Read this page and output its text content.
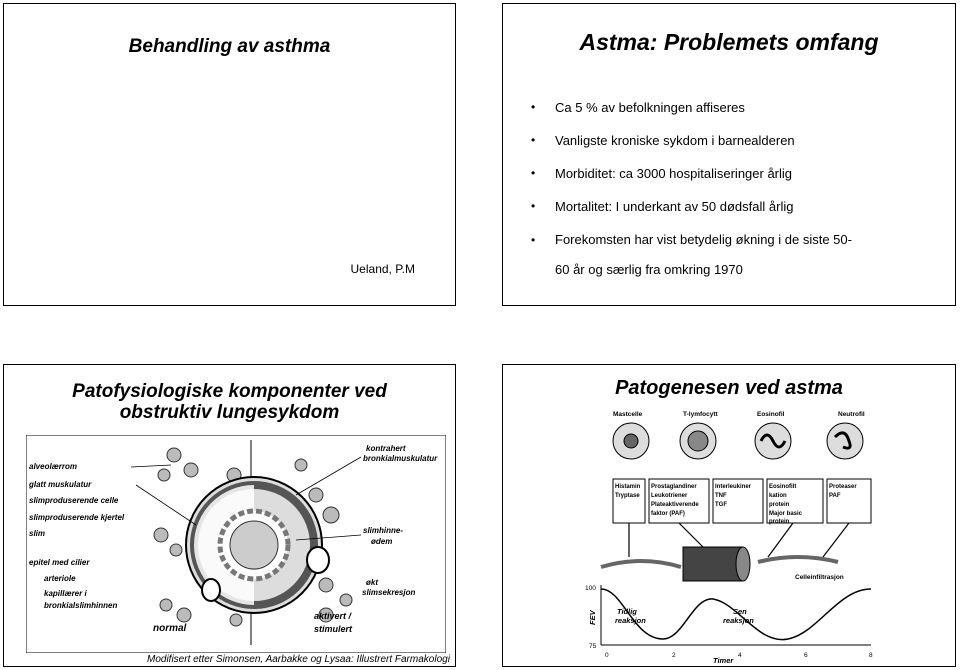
Behandling av asthma
Ueland, P.M
Astma: Problemets omfang
• Ca 5 % av befolkningen affiseres
• Vanligste kroniske sykdom i barnealderen
• Morbiditet: ca 3000 hospitaliseringer årlig
• Mortalitet: I underkant av 50 dødsfall årlig
• Forekomsten har vist betydelig økning i de siste 50-
60 år og særlig fra omkring 1970
Patofysiologiske komponenter ved
obstruktiv lungesykdom
alveolærrom
glatt muskulatur
slimproduserende celle
slimproduserende kjertel
slim
epitel med cilier
arteriole
kapillærer i
bronkialslimhinnen
kontrahert
bronkialmuskulatur
slimhinne-
ødem
økt
slimsekresjon
normal
aktivert /
stimulert
Modifisert etter Simonsen, Aarbakke og Lysaa: Illustrert Farmakologi
Patogenesen ved astma
Mastcelle	T-lymfocytt	Eosinofil	Neutrofil
Histamin
Tryptase
Prostaglandiner
Leukotriener
Plateaktiverende
faktor (PAF)
Interleukiner
TNF
TGF
Eosinofilt
kation
protein
Major basic
protein
Proteaser
PAF
Celleinfiltrasjon
100
75
0	2	4	6	8
Tidlig
reaksjon
Sen
reaksjon
Timer
FEV
